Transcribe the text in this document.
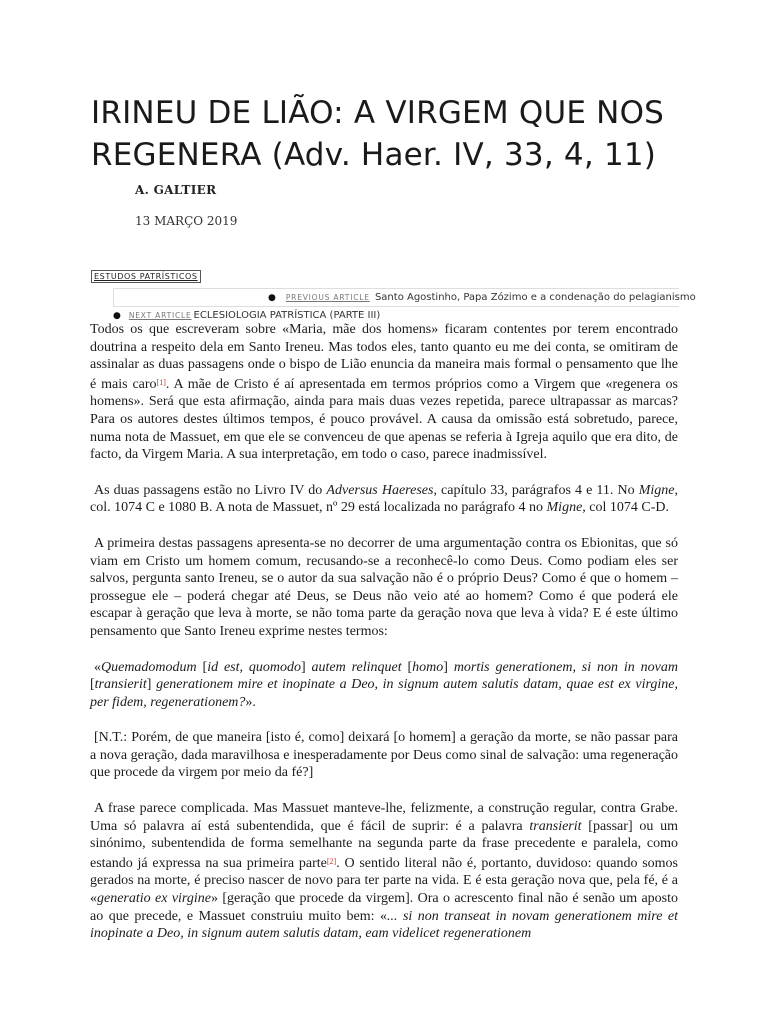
IRINEU DE LIÃO: A VIRGEM QUE NOS REGENERA (Adv. Haer. IV, 33, 4, 11)
A. GALTIER
13 MARÇO 2019
ESTUDOS PATRÍSTICOS
● PREVIOUS ARTICLE Santo Agostinho, Papa Zózimo e a condenação do pelagianismo
● NEXT ARTICLE ECLESIOLOGIA PATRÍSTICA (PARTE III)

Todos os que escreveram sobre «Maria, mãe dos homens» ficaram contentes por terem encontrado doutrina a respeito dela em Santo Ireneu. Mas todos eles, tanto quanto eu me dei conta, se omitiram de assinalar as duas passagens onde o bispo de Lião enuncia da maneira mais formal o pensamento que lhe é mais caro[1]. A mãe de Cristo é aí apresentada em termos próprios como a Virgem que «regenera os homens». Será que esta afirmação, ainda para mais duas vezes repetida, parece ultrapassar as marcas? Para os autores destes últimos tempos, é pouco provável. A causa da omissão está sobretudo, parece, numa nota de Massuet, em que ele se convenceu de que apenas se referia à Igreja aquilo que era dito, de facto, da Virgem Maria. A sua interpretação, em todo o caso, parece inadmissível.

As duas passagens estão no Livro IV do Adversus Haereses, capítulo 33, parágrafos 4 e 11. No Migne, col. 1074 C e 1080 B. A nota de Massuet, nº 29 está localizada no parágrafo 4 no Migne, col 1074 C-D.

A primeira destas passagens apresenta-se no decorrer de uma argumentação contra os Ebionitas, que só viam em Cristo um homem comum, recusando-se a reconhecê-lo como Deus. Como podiam eles ser salvos, pergunta santo Ireneu, se o autor da sua salvação não é o próprio Deus? Como é que o homem – prossegue ele – poderá chegar até Deus, se Deus não veio até ao homem? Como é que poderá ele escapar à geração que leva à morte, se não toma parte da geração nova que leva à vida? E é este último pensamento que Santo Ireneu exprime nestes termos:

«Quemadomodum [id est, quomodo] autem relinquet [homo] mortis generationem, si non in novam [transierit] generationem mire et inopinate a Deo, in signum autem salutis datam, quae est ex virgine, per fidem, regenerationem?».

[N.T.: Porém, de que maneira [isto é, como] deixará [o homem] a geração da morte, se não passar para a nova geração, dada maravilhosa e inesperadamente por Deus como sinal de salvação: uma regeneração que procede da virgem por meio da fé?]

A frase parece complicada. Mas Massuet manteve-lhe, felizmente, a construção regular, contra Grabe. Uma só palavra aí está subentendida, que é fácil de suprir: é a palavra transierit [passar] ou um sinónimo, subentendida de forma semelhante na segunda parte da frase precedente e paralela, como estando já expressa na sua primeira parte[2]. O sentido literal não é, portanto, duvidoso: quando somos gerados na morte, é preciso nascer de novo para ter parte na vida. E é esta geração nova que, pela fé, é a «generatio ex virgine» [geração que procede da virgem]. Ora o acrescento final não é senão um aposto ao que precede, e Massuet construiu muito bem: «... si non transeat in novam generationem mire et inopinate a Deo, in signum autem salutis datam, eam videlicet regenerationem
